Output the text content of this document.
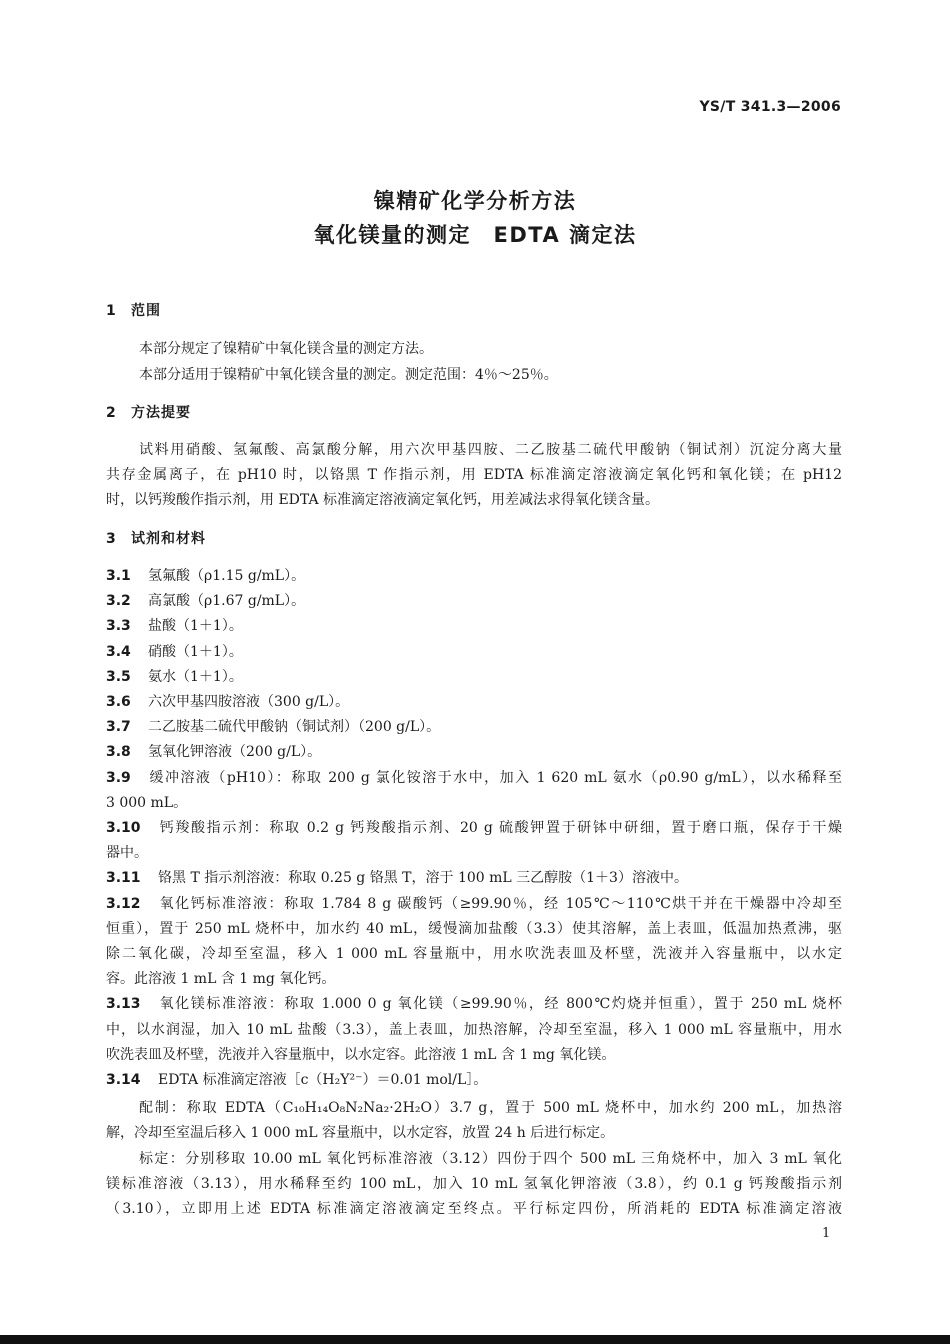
YS/T 341.3—2006
镍精矿化学分析方法
氧化镁量的测定　EDTA 滴定法
1 范围
本部分规定了镍精矿中氧化镁含量的测定方法。
本部分适用于镍精矿中氧化镁含量的测定。测定范围：4％～25％。
2 方法提要
试料用硝酸、氢氟酸、高氯酸分解，用六次甲基四胺、二乙胺基二硫代甲酸钠（铜试剂）沉淀分离大量
共存金属离子，在 pH10 时，以铬黑 T 作指示剂，用 EDTA 标准滴定溶液滴定氧化钙和氧化镁；在 pH12
时，以钙羧酸作指示剂，用 EDTA 标准滴定溶液滴定氧化钙，用差减法求得氧化镁含量。
3 试剂和材料
3.1 氢氟酸（ρ1.15 g/mL）。
3.2 高氯酸（ρ1.67 g/mL）。
3.3 盐酸（1＋1）。
3.4 硝酸（1＋1）。
3.5 氨水（1＋1）。
3.6 六次甲基四胺溶液（300 g/L）。
3.7 二乙胺基二硫代甲酸钠（铜试剂）（200 g/L）。
3.8 氢氧化钾溶液（200 g/L）。
3.9 缓冲溶液（pH10）：称取 200 g 氯化铵溶于水中，加入 1 620 mL 氨水（ρ0.90 g/mL），以水稀释至
3 000 mL。
3.10 钙羧酸指示剂：称取 0.2 g 钙羧酸指示剂、20 g 硫酸钾置于研钵中研细，置于磨口瓶，保存于干燥
器中。
3.11 铬黑 T 指示剂溶液：称取 0.25 g 铬黑 T，溶于 100 mL 三乙醇胺（1＋3）溶液中。
3.12 氧化钙标准溶液：称取 1.784 8 g 碳酸钙（≥99.90％，经 105℃～110℃烘干并在干燥器中冷却至
恒重），置于 250 mL 烧杯中，加水约 40 mL，缓慢滴加盐酸（3.3）使其溶解，盖上表皿，低温加热煮沸，驱
除二氧化碳，冷却至室温，移入 1 000 mL 容量瓶中，用水吹洗表皿及杯壁，洗液并入容量瓶中，以水定
容。此溶液 1 mL 含 1 mg 氧化钙。
3.13 氧化镁标准溶液：称取 1.000 0 g 氧化镁（≥99.90％，经 800℃灼烧并恒重），置于 250 mL 烧杯
中，以水润湿，加入 10 mL 盐酸（3.3），盖上表皿，加热溶解，冷却至室温，移入 1 000 mL 容量瓶中，用水
吹洗表皿及杯壁，洗液并入容量瓶中，以水定容。此溶液 1 mL 含 1 mg 氧化镁。
3.14 EDTA 标准滴定溶液［c（H₂Y²⁻）＝0.01 mol/L］。
配制：称取 EDTA（C₁₀H₁₄O₈N₂Na₂·2H₂O）3.7 g，置于 500 mL 烧杯中，加水约 200 mL，加热溶
解，冷却至室温后移入 1 000 mL 容量瓶中，以水定容，放置 24 h 后进行标定。
标定：分别移取 10.00 mL 氧化钙标准溶液（3.12）四份于四个 500 mL 三角烧杯中，加入 3 mL 氧化
镁标准溶液（3.13），用水稀释至约 100 mL，加入 10 mL 氢氧化钾溶液（3.8），约 0.1 g 钙羧酸指示剂
（3.10），立即用上述 EDTA 标准滴定溶液滴定至终点。平行标定四份，所消耗的 EDTA 标准滴定溶液
1
